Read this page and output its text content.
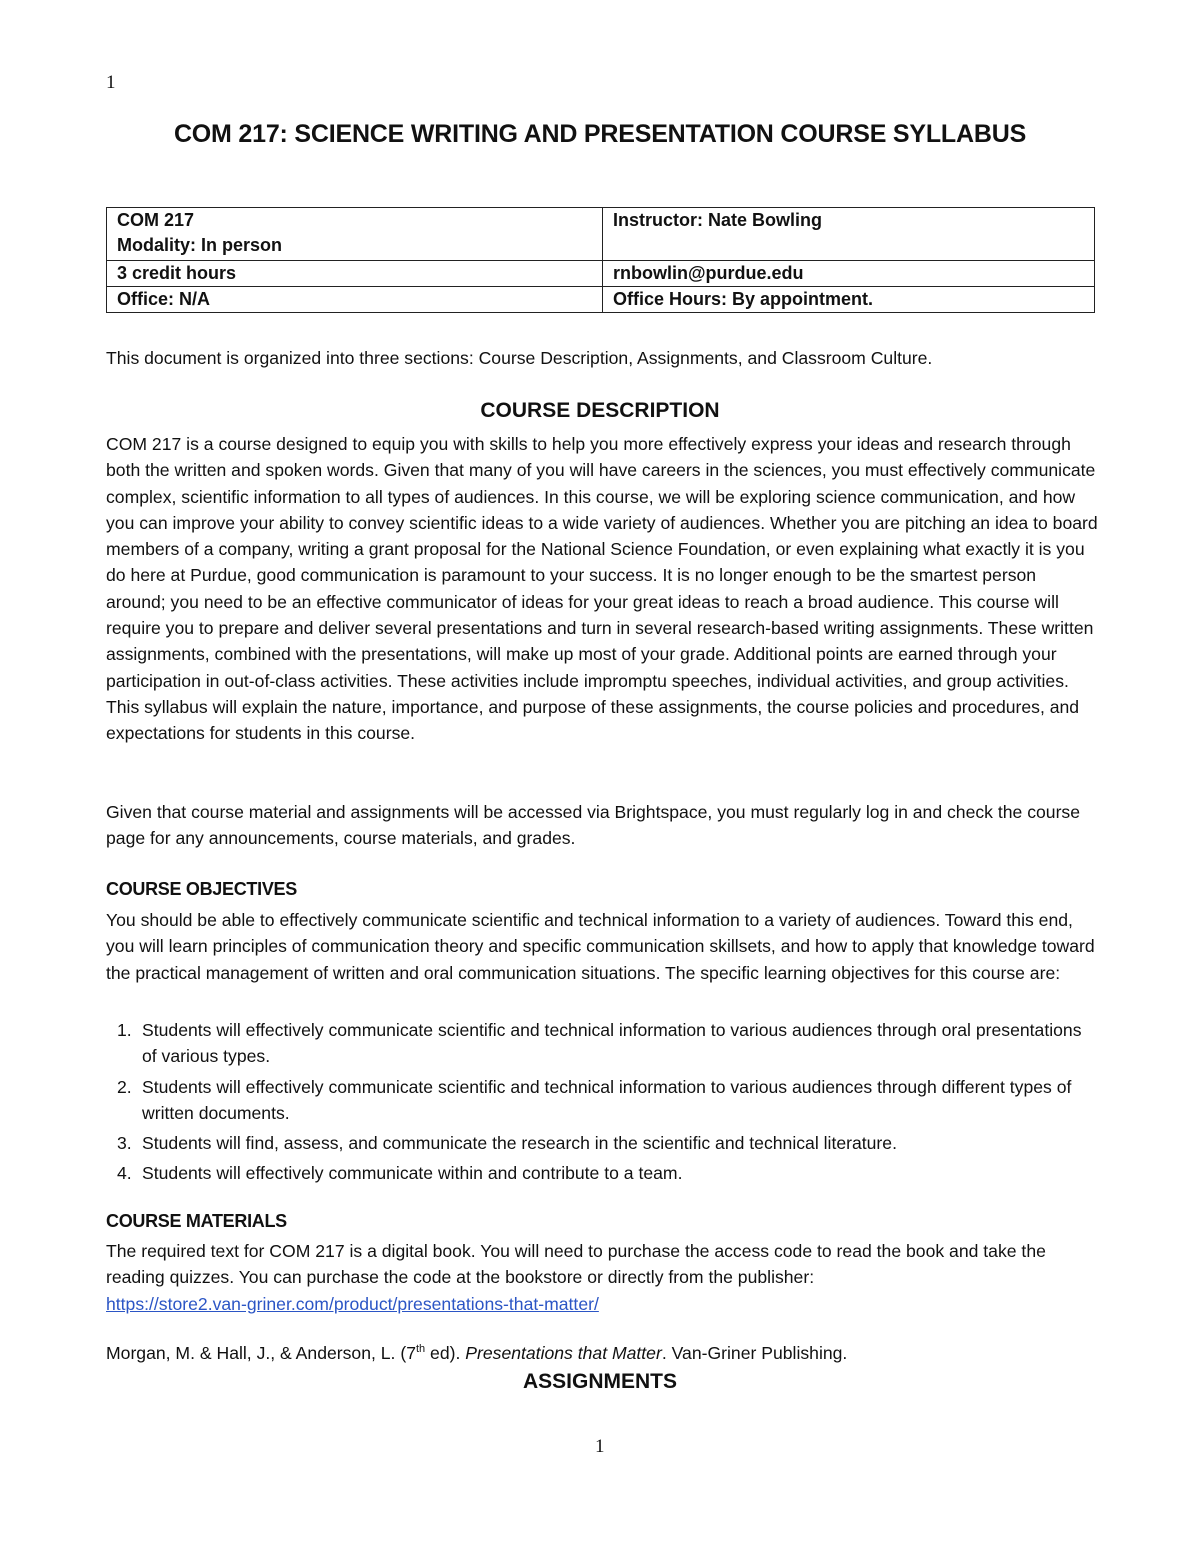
1
COM 217: SCIENCE WRITING AND PRESENTATION COURSE SYLLABUS
COM 217
Modality: In person	Instructor: Nate Bowling
3 credit hours	rnbowlin@purdue.edu
Office: N/A	Office Hours: By appointment.
This document is organized into three sections: Course Description, Assignments, and Classroom Culture.
COURSE DESCRIPTION
COM 217 is a course designed to equip you with skills to help you more effectively express your ideas and research through both the written and spoken words. Given that many of you will have careers in the sciences, you must effectively communicate complex, scientific information to all types of audiences. In this course, we will be exploring science communication, and how you can improve your ability to convey scientific ideas to a wide variety of audiences. Whether you are pitching an idea to board members of a company, writing a grant proposal for the National Science Foundation, or even explaining what exactly it is you do here at Purdue, good communication is paramount to your success. It is no longer enough to be the smartest person around; you need to be an effective communicator of ideas for your great ideas to reach a broad audience. This course will require you to prepare and deliver several presentations and turn in several research-based writing assignments. These written assignments, combined with the presentations, will make up most of your grade. Additional points are earned through your participation in out-of-class activities. These activities include impromptu speeches, individual activities, and group activities. This syllabus will explain the nature, importance, and purpose of these assignments, the course policies and procedures, and expectations for students in this course.
Given that course material and assignments will be accessed via Brightspace, you must regularly log in and check the course page for any announcements, course materials, and grades.
COURSE OBJECTIVES
You should be able to effectively communicate scientific and technical information to a variety of audiences. Toward this end, you will learn principles of communication theory and specific communication skillsets, and how to apply that knowledge toward the practical management of written and oral communication situations. The specific learning objectives for this course are:
1. Students will effectively communicate scientific and technical information to various audiences through oral presentations of various types.
2. Students will effectively communicate scientific and technical information to various audiences through different types of written documents.
3. Students will find, assess, and communicate the research in the scientific and technical literature.
4. Students will effectively communicate within and contribute to a team.
COURSE MATERIALS
The required text for COM 217 is a digital book. You will need to purchase the access code to read the book and take the reading quizzes. You can purchase the code at the bookstore or directly from the publisher:
https://store2.van-griner.com/product/presentations-that-matter/
Morgan, M. & Hall, J., & Anderson, L. (7th ed). Presentations that Matter. Van-Griner Publishing.
ASSIGNMENTS
1
